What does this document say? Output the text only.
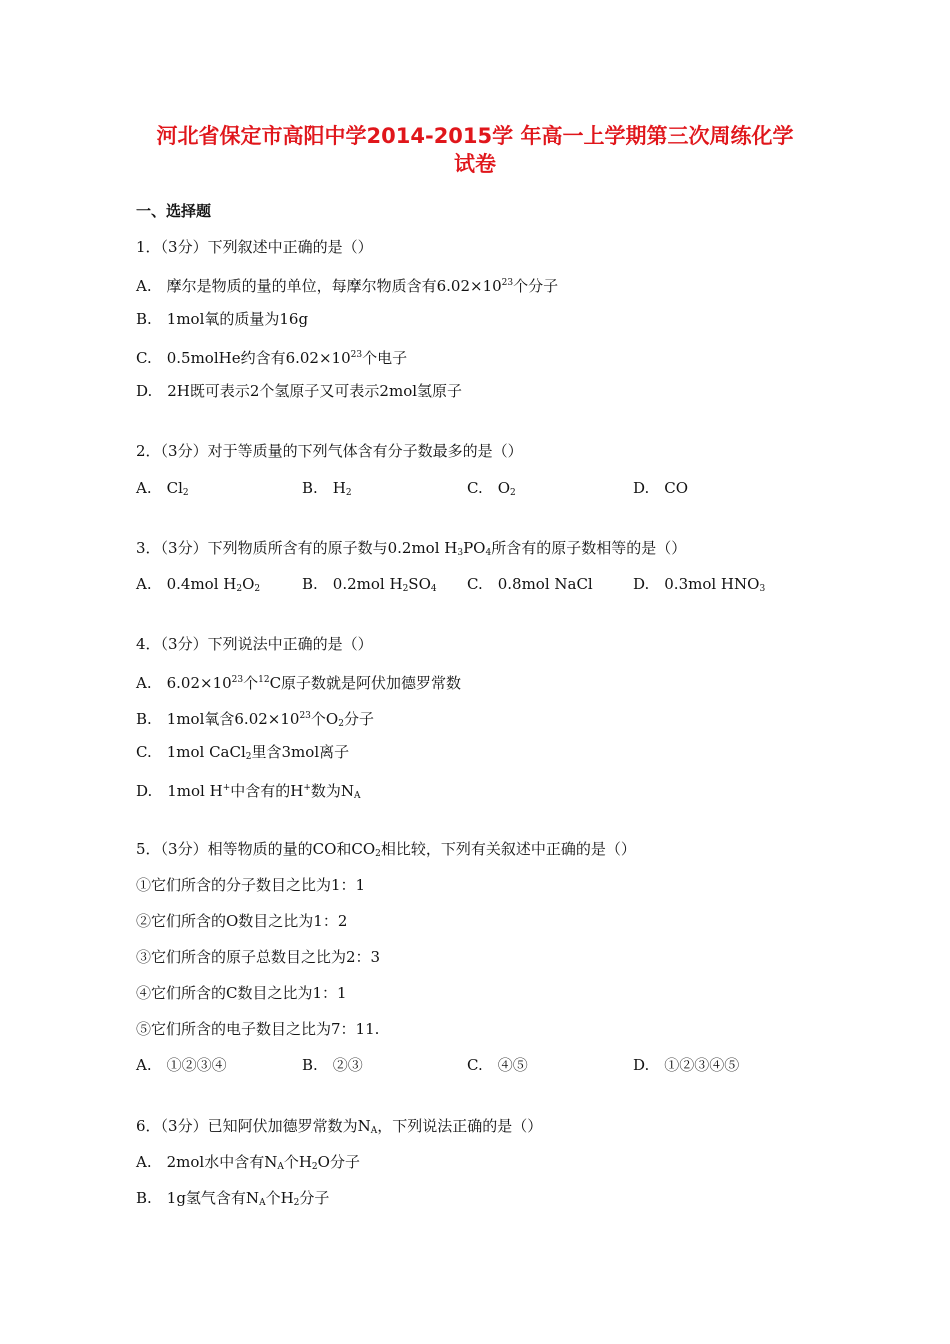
河北省保定市高阳中学2014-2015学 年高一上学期第三次周练化学
试卷
一、选择题
1．（3分）下列叙述中正确的是（）
A.　摩尔是物质的量的单位，每摩尔物质含有$6.02\times 10^{23}$个分子
B.　1mol氧的质量为16g
C.　0.5molHe约含有$6.02\times 10^{23}$个电子
D.　2H既可表示2个氢原子又可表示2mol氢原子
2．（3分）对于等质量的下列气体含有分子数最多的是（）
A.　$Cl_2$	B.　$H_2$	C.　$O_2$	D.　CO
3．（3分）下列物质所含有的原子数与0.2mol $H_3PO_4$所含有的原子数相等的是（）
A.　0.4mol $H_2O_2$	B.　0.2mol $H_2SO_4$ C.　0.8mol NaCl	D.　0.3mol $HNO_3$
4．（3分）下列说法中正确的是（）
A.　$6.02\times 10^{23}$个$^{12}$C原子数就是阿伏加德罗常数
B.　1mol氧含$6.02\times 10^{23}$个$O_2$分子
C.　1mol CaCl$_2$里含3mol离子
D.　1mol H+中含有的H+数为$N_A$
5．（3分）相等物质的量的CO和$CO_2$相比较，下列有关叙述中正确的是（）
①它们所含的分子数目之比为1：1
②它们所含的O数目之比为1：2
③它们所含的原子总数目之比为2：3
④它们所含的C数目之比为1：1
⑤它们所含的电子数目之比为7：11.
A.　①②③④	B.　②③	C.　④⑤	D.　①②③④⑤
6．（3分）已知阿伏加德罗常数为$N_A$，下列说法正确的是（）
A.　2mol水中含有$N_A$个$H_2O$分子
B.　1g氢气含有$N_A$个$H_2$分子
